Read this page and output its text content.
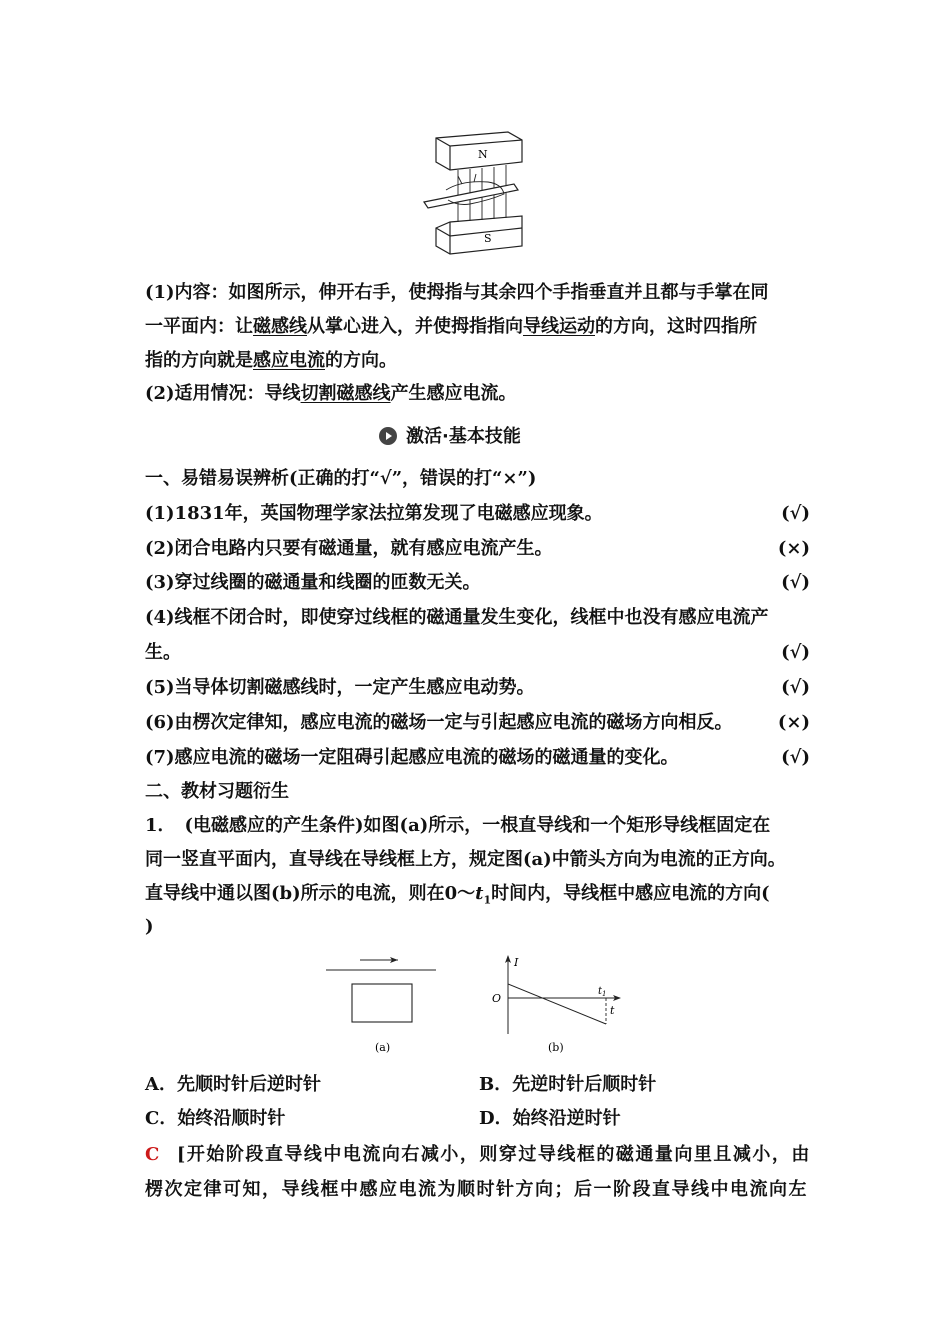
N
S
(1)内容：如图所示，伸开右手，使拇指与其余四个手指垂直并且都与手掌在同
一平面内：让磁感线从掌心进入，并使拇指指向导线运动的方向，这时四指所
指的方向就是感应电流的方向。
(2)适用情况：导线切割磁感线产生感应电流。
激活·基本技能
一、易错易误辨析(正确的打“√”，错误的打“×”)
(1)1831年，英国物理学家法拉第发现了电磁感应现象。	(√)
(2)闭合电路内只要有磁通量，就有感应电流产生。	(×)
(3)穿过线圈的磁通量和线圈的匝数无关。	(√)
(4)线框不闭合时，即使穿过线框的磁通量发生变化，线框中也没有感应电流产
生。	(√)
(5)当导体切割磁感线时，一定产生感应电动势。	(√)
(6)由楞次定律知，感应电流的磁场一定与引起感应电流的磁场方向相反。	(×)
(7)感应电流的磁场一定阻碍引起感应电流的磁场的磁通量的变化。	(√)
二、教材习题衍生
1．　(电磁感应的产生条件)如图(a)所示，一根直导线和一个矩形导线框固定在
同一竖直平面内，直导线在导线框上方，规定图(a)中箭头方向为电流的正方向。
直导线中通以图(b)所示的电流，则在$0\sim t_1$时间内，导线框中感应电流的方向(
)
(a)
I
O
t
$t_1$
(b)
A．先顺时针后逆时针	B．先逆时针后顺时针
C．始终沿顺时针	D．始终沿逆时针
C [开始阶段直导线中电流向右减小，则穿过导线框的磁通量向里且减小，由
楞次定律可知，导线框中感应电流为顺时针方向；后一阶段直导线中电流向左
